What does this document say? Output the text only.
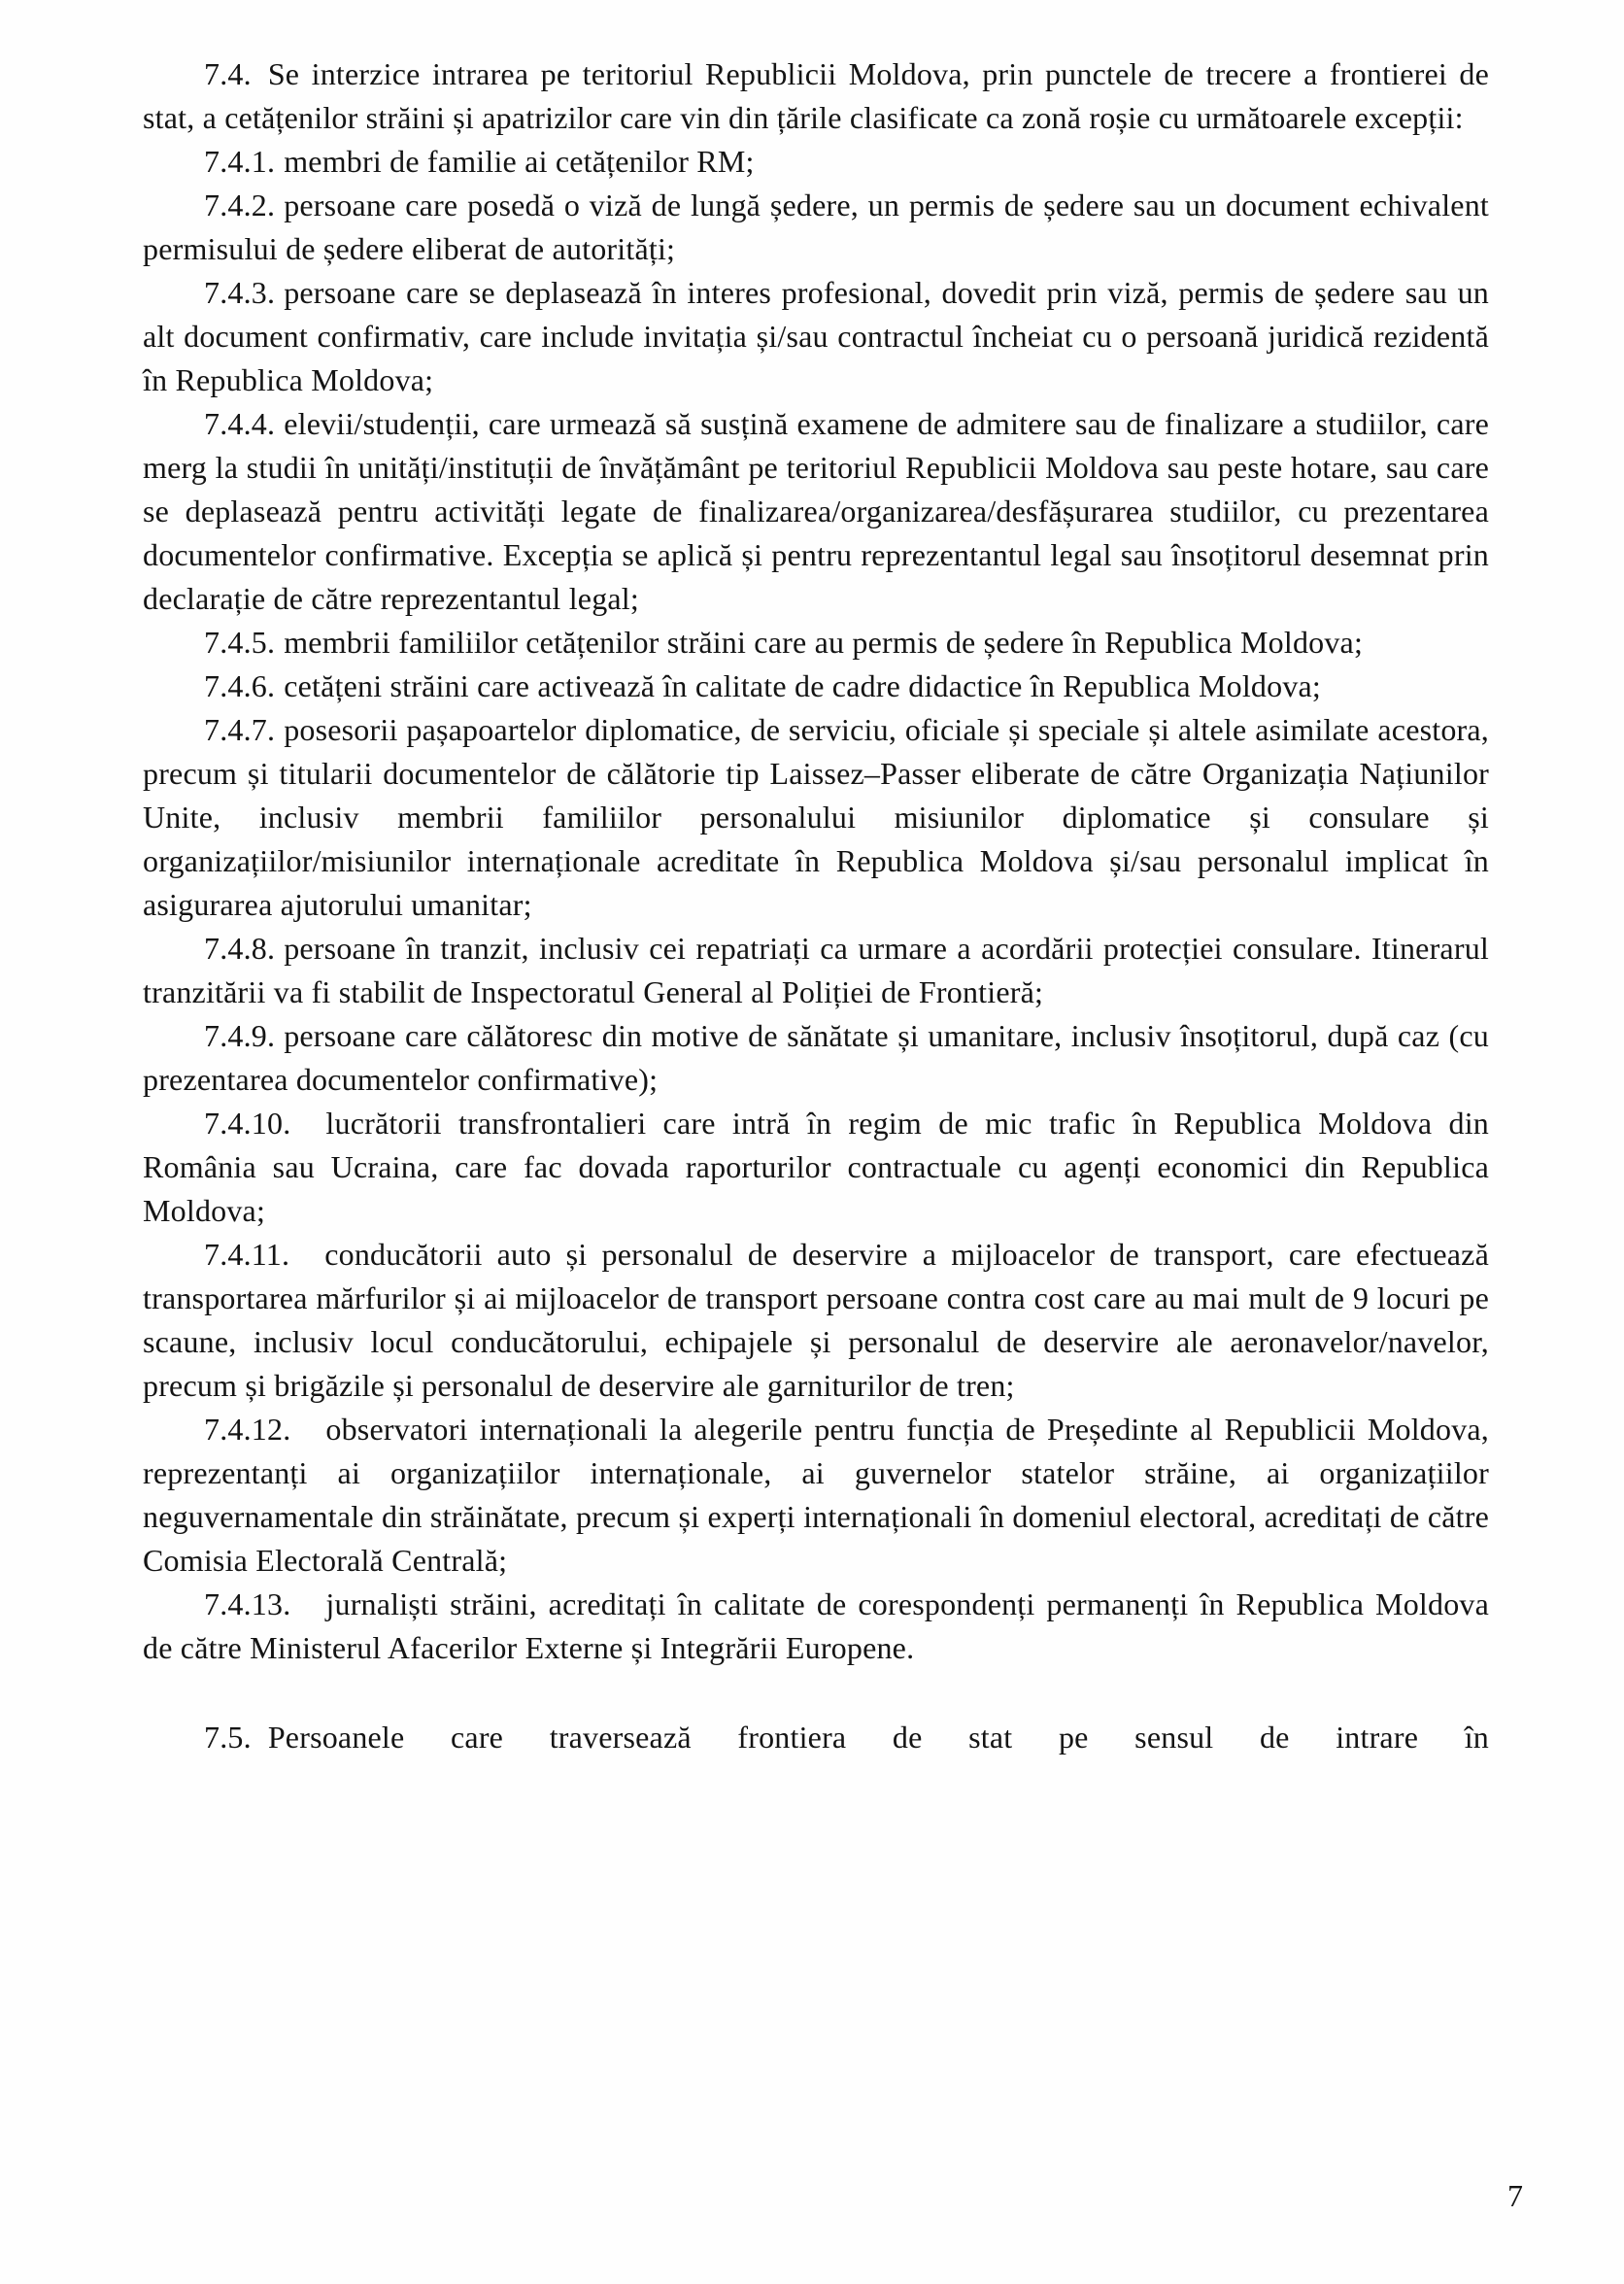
7.4. Se interzice intrarea pe teritoriul Republicii Moldova, prin punctele de trecere a frontierei de stat, a cetățenilor străini și apatrizilor care vin din țările clasificate ca zonă roșie cu următoarele excepții:

7.4.1. membri de familie ai cetățenilor RM;

7.4.2. persoane care posedă o viză de lungă ședere, un permis de ședere sau un document echivalent permisului de ședere eliberat de autorități;

7.4.3. persoane care se deplasează în interes profesional, dovedit prin viză, permis de ședere sau un alt document confirmativ, care include invitația și/sau contractul încheiat cu o persoană juridică rezidentă în Republica Moldova;

7.4.4. elevii/studenții, care urmează să susțină examene de admitere sau de finalizare a studiilor, care merg la studii în unități/instituții de învățământ pe teritoriul Republicii Moldova sau peste hotare, sau care se deplasează pentru activități legate de finalizarea/organizarea/desfășurarea studiilor, cu prezentarea documentelor confirmative. Excepția se aplică și pentru reprezentantul legal sau însoțitorul desemnat prin declarație de către reprezentantul legal;

7.4.5. membrii familiilor cetățenilor străini care au permis de ședere în Republica Moldova;

7.4.6. cetățeni străini care activează în calitate de cadre didactice în Republica Moldova;

7.4.7. posesorii pașapoartelor diplomatice, de serviciu, oficiale și speciale și altele asimilate acestora, precum și titularii documentelor de călătorie tip Laissez–Passer eliberate de către Organizația Națiunilor Unite, inclusiv membrii familiilor personalului misiunilor diplomatice și consulare și organizațiilor/misiunilor internaționale acreditate în Republica Moldova și/sau personalul implicat în asigurarea ajutorului umanitar;

7.4.8. persoane în tranzit, inclusiv cei repatriați ca urmare a acordării protecției consulare. Itinerarul tranzitării va fi stabilit de Inspectoratul General al Poliției de Frontieră;

7.4.9. persoane care călătoresc din motive de sănătate și umanitare, inclusiv însoțitorul, după caz (cu prezentarea documentelor confirmative);

7.4.10. lucrătorii transfrontalieri care intră în regim de mic trafic în Republica Moldova din România sau Ucraina, care fac dovada raporturilor contractuale cu agenți economici din Republica Moldova;

7.4.11. conducătorii auto și personalul de deservire a mijloacelor de transport, care efectuează transportarea mărfurilor și ai mijloacelor de transport persoane contra cost care au mai mult de 9 locuri pe scaune, inclusiv locul conducătorului, echipajele și personalul de deservire ale aeronavelor/navelor, precum și brigăzile și personalul de deservire ale garniturilor de tren;

7.4.12. observatori internaționali la alegerile pentru funcția de Președinte al Republicii Moldova, reprezentanți ai organizațiilor internaționale, ai guvernelor statelor străine, ai organizațiilor neguvernamentale din străinătate, precum și experți internaționali în domeniul electoral, acreditați de către Comisia Electorală Centrală;

7.4.13. jurnaliști străini, acreditați în calitate de corespondenți permanenți în Republica Moldova de către Ministerul Afacerilor Externe și Integrării Europene.

7.5. Persoanele care traversează frontiera de stat pe sensul de intrare în

7
